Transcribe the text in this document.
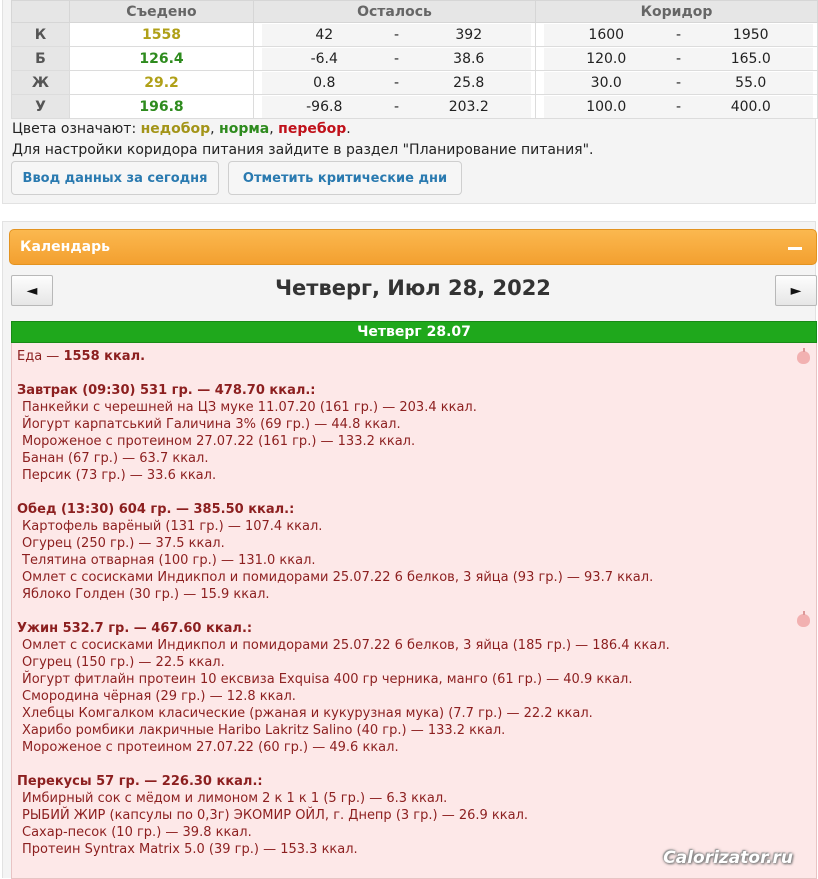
	Съедено	Осталось	Коридор
К	1558	42 - 392	1600 - 1950

Б	126.4	-6.4 - 38.6	120.0 - 165.0

Ж	29.2	0.8 - 25.8	30.0 - 55.0

У	196.8	-96.8 - 203.2	100.0 - 400.0
Цвета означают: недобор, норма, перебор.
Для настройки коридора питания зайдите в раздел "Планирование питания".
Ввод данных за сегодня	Отметить критические дни
Календарь
◄	Четверг, Июл 28, 2022	►
Четверг 28.07
Еда — 1558 ккал.
Завтрак (09:30) 531 гр. — 478.70 ккал.:
Панкейки с черешней на ЦЗ муке 11.07.20 (161 гр.) — 203.4 ккал.
Йогурт карпатський Галичина 3% (69 гр.) — 44.8 ккал.
Мороженое с протеином 27.07.22 (161 гр.) — 133.2 ккал.
Банан (67 гр.) — 63.7 ккал.
Персик (73 гр.) — 33.6 ккал.
Обед (13:30) 604 гр. — 385.50 ккал.:
Картофель варёный (131 гр.) — 107.4 ккал.
Огурец (250 гр.) — 37.5 ккал.
Телятина отварная (100 гр.) — 131.0 ккал.
Омлет с сосисками Индикпол и помидорами 25.07.22 6 белков, 3 яйца (93 гр.) — 93.7 ккал.
Яблоко Голден (30 гр.) — 15.9 ккал.
Ужин 532.7 гр. — 467.60 ккал.:
Омлет с сосисками Индикпол и помидорами 25.07.22 6 белков, 3 яйца (185 гр.) — 186.4 ккал.
Огурец (150 гр.) — 22.5 ккал.
Йогурт фитлайн протеин 10 ексвиза Exquisa 400 гр черника, манго (61 гр.) — 40.9 ккал.
Смородина чёрная (29 гр.) — 12.8 ккал.
Хлебцы Комгалком класические (ржаная и кукурузная мука) (7.7 гр.) — 22.2 ккал.
Харибо ромбики лакричные Haribo Lakritz Salino (40 гр.) — 133.2 ккал.
Мороженое с протеином 27.07.22 (60 гр.) — 49.6 ккал.
Перекусы 57 гр. — 226.30 ккал.:
Имбирный сок с мёдом и лимоном 2 к 1 к 1 (5 гр.) — 6.3 ккал.
РЫБИЙ ЖИР (капсулы по 0,3г) ЭКОМИР ОЙЛ, г. Днепр (3 гр.) — 26.9 ккал.
Сахар-песок (10 гр.) — 39.8 ккал.
Протеин Syntrax Matrix 5.0 (39 гр.) — 153.3 ккал.	Calorizator.ru
